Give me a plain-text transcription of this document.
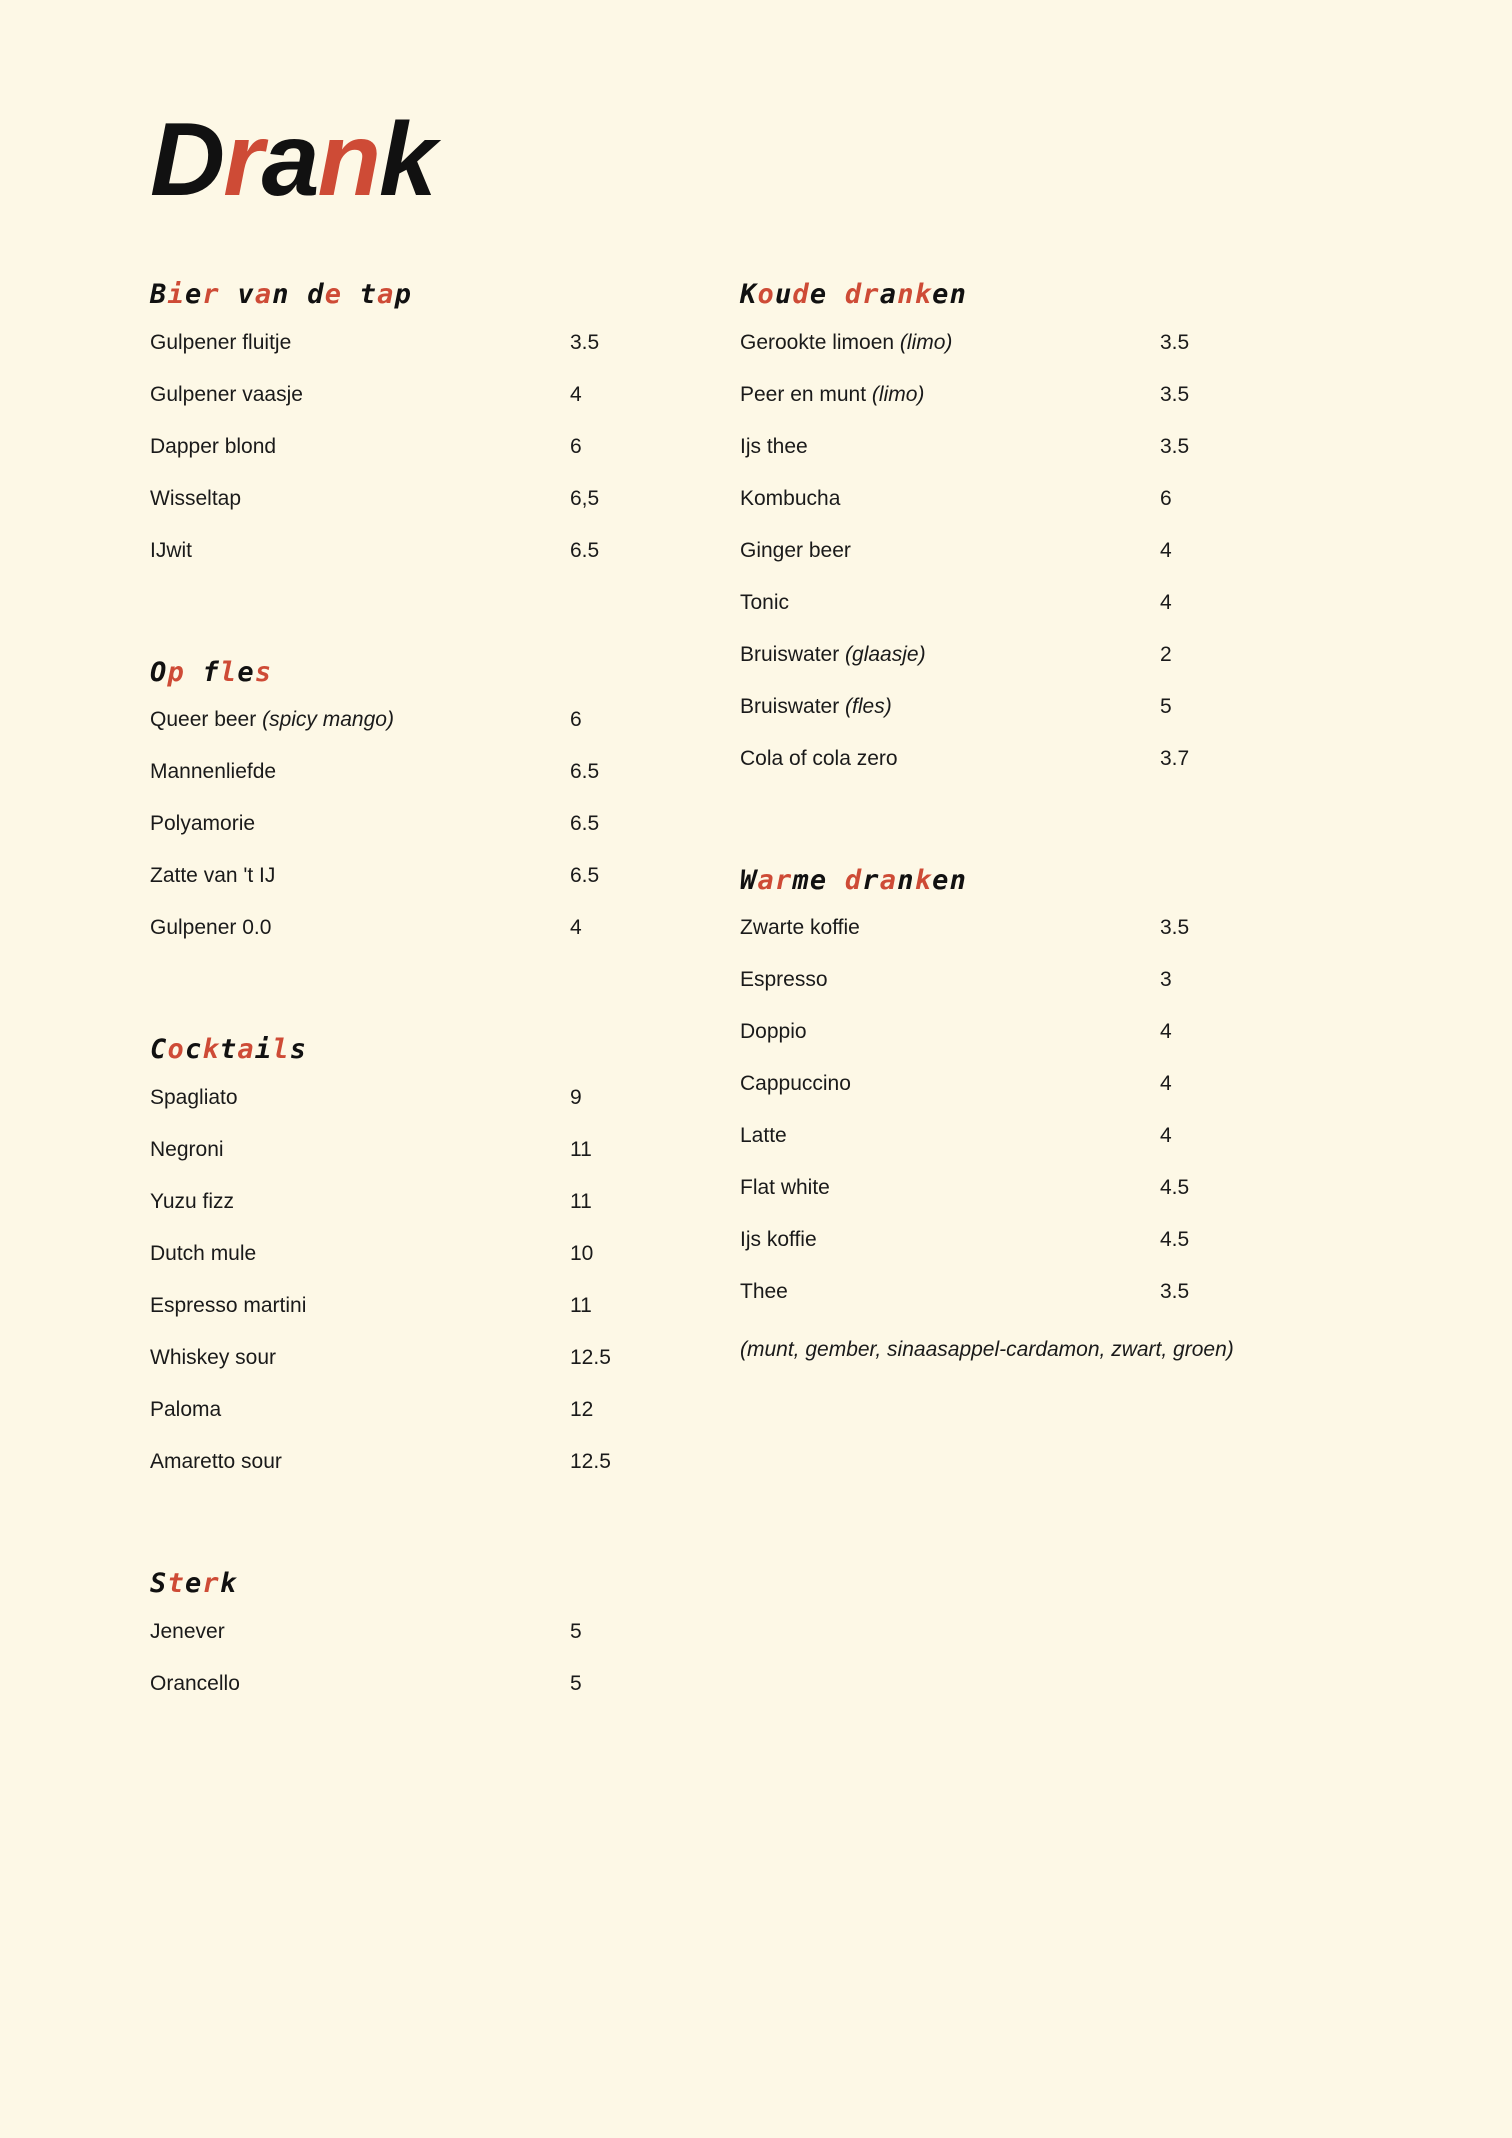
Drank
Bier van de tap
Gulpener fluitje	3.5
Gulpener vaasje	4
Dapper blond	6
Wisseltap	6,5
IJwit	6.5
Op fles
Queer beer (spicy mango)	6
Mannenliefde	6.5
Polyamorie	6.5
Zatte van 't IJ	6.5
Gulpener 0.0	4
Cocktails
Spagliato	9
Negroni	11
Yuzu fizz	11
Dutch mule	10
Espresso martini	11
Whiskey sour	12.5
Paloma	12
Amaretto sour	12.5
Sterk
Jenever	5
Orancello	5
Koude dranken
Gerookte limoen (limo)	3.5
Peer en munt (limo)	3.5
Ijs thee	3.5
Kombucha	6
Ginger beer	4
Tonic	4
Bruiswater (glaasje)	2
Bruiswater (fles)	5
Cola of cola zero	3.7
Warme dranken
Zwarte koffie	3.5
Espresso	3
Doppio	4
Cappuccino	4
Latte	4
Flat white	4.5
Ijs koffie	4.5
Thee	3.5
(munt, gember, sinaasappel-cardamon, zwart, groen)
